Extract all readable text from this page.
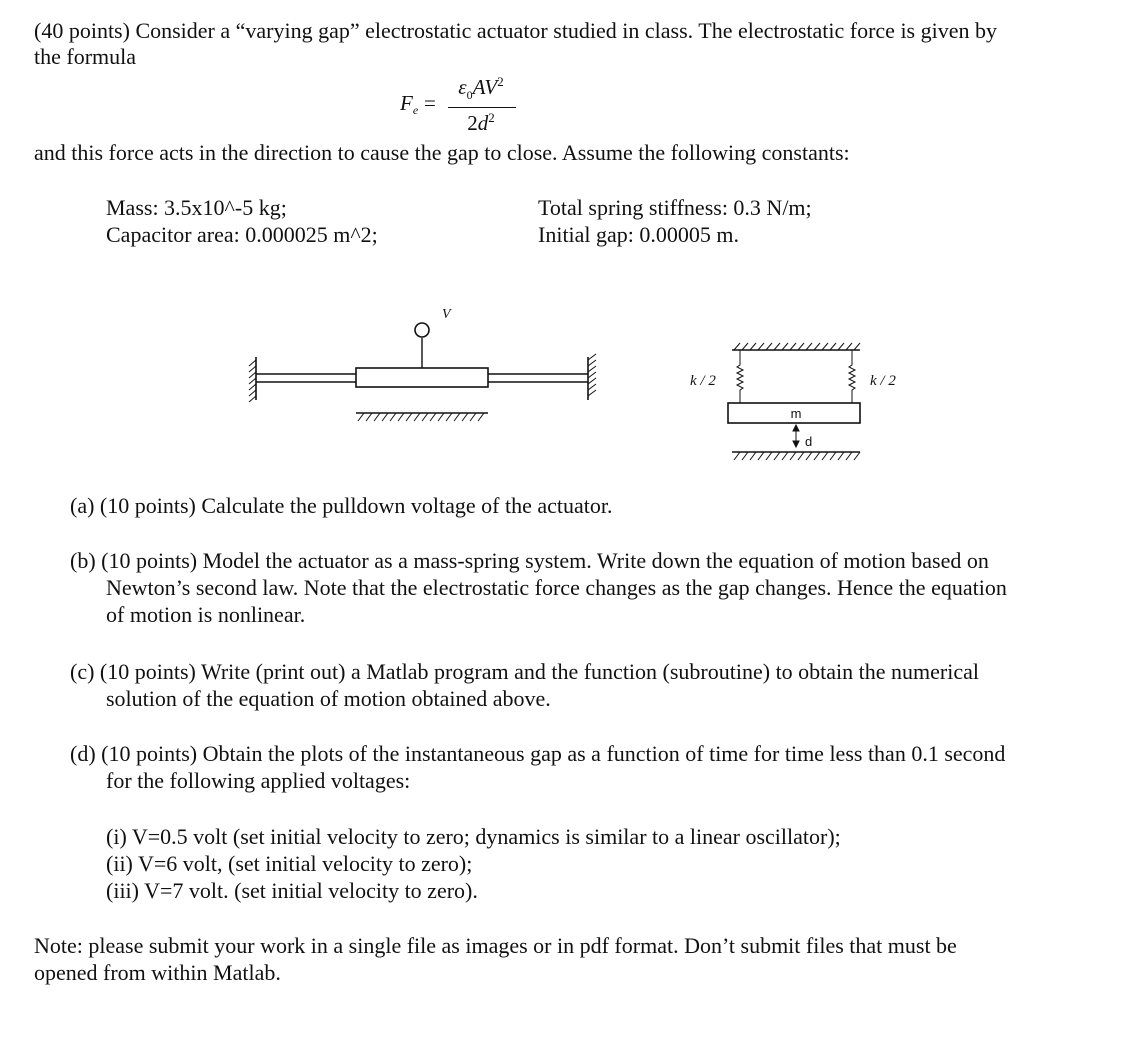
(40 points) Consider a “varying gap” electrostatic actuator studied in class. The electrostatic force is given by
the formula
$F_e$ =
$\varepsilon_0AV^2$
$2d^2$
and this force acts in the direction to cause the gap to close. Assume the following constants:
Mass: 3.5x10^-5 kg;
Capacitor area: 0.000025 m^2;
Total spring stiffness: 0.3 N/m;
Initial gap: 0.00005 m.
V
k / 2	k / 2
m
d
(a) (10 points) Calculate the pulldown voltage of the actuator.
(b) (10 points) Model the actuator as a mass-spring system. Write down the equation of motion based on
Newton’s second law. Note that the electrostatic force changes as the gap changes. Hence the equation
of motion is nonlinear.
(c) (10 points) Write (print out) a Matlab program and the function (subroutine) to obtain the numerical
solution of the equation of motion obtained above.
(d) (10 points) Obtain the plots of the instantaneous gap as a function of time for time less than 0.1 second
for the following applied voltages:
(i) V=0.5 volt (set initial velocity to zero; dynamics is similar to a linear oscillator);
(ii) V=6 volt, (set initial velocity to zero);
(iii) V=7 volt. (set initial velocity to zero).
Note: please submit your work in a single file as images or in pdf format. Don’t submit files that must be
opened from within Matlab.
